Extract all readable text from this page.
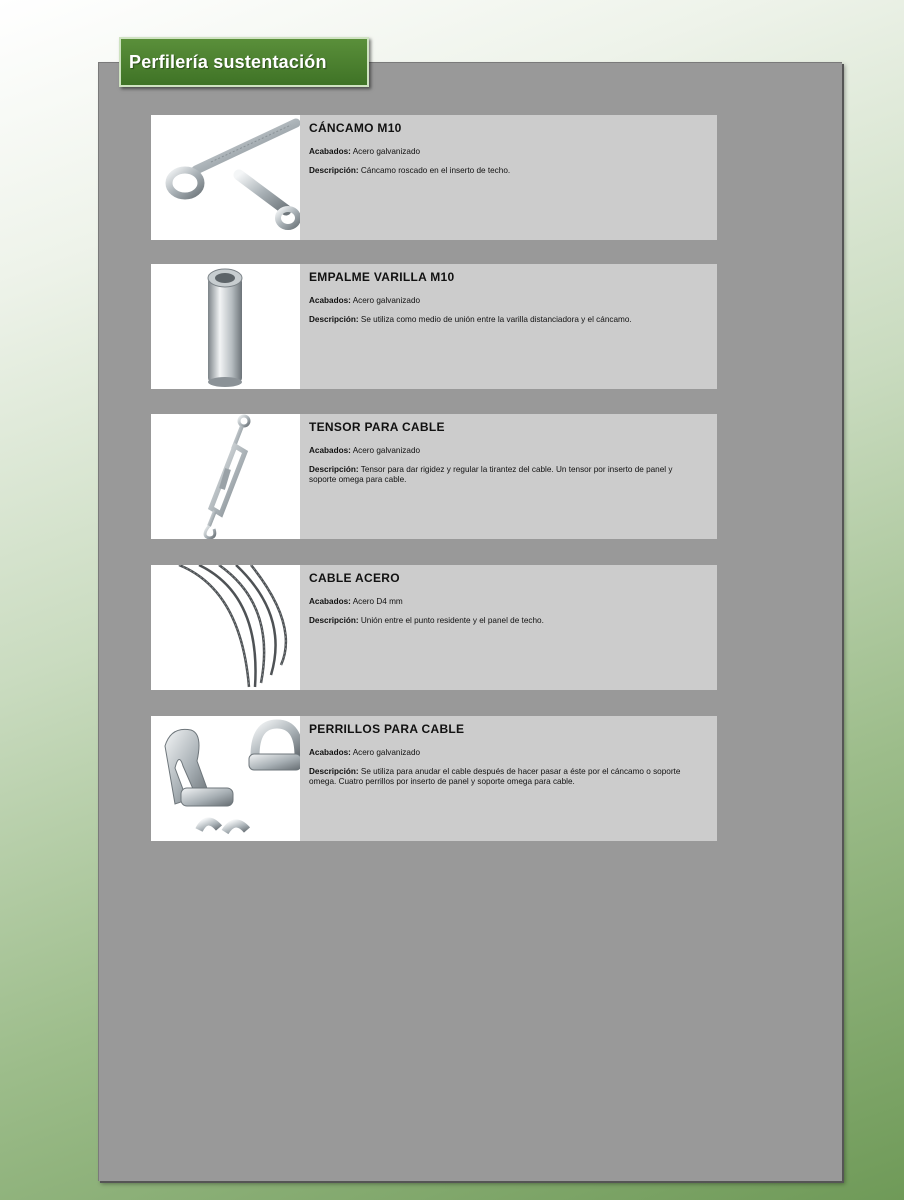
Perfilería sustentación
CÁNCAMO M10

Acabados: Acero galvanizado

Descripción: Cáncamo roscado en el inserto de techo.

EMPALME VARILLA M10

Acabados: Acero galvanizado

Descripción: Se utiliza como medio de unión entre la varilla distanciadora y el cáncamo.

TENSOR PARA CABLE

Acabados: Acero galvanizado

Descripción: Tensor para dar rigidez y regular la tirantez del cable. Un tensor por inserto de panel y soporte omega para cable.

CABLE ACERO

Acabados: Acero D4 mm

Descripción: Unión entre el punto residente y el panel de techo.

PERRILLOS PARA CABLE

Acabados: Acero galvanizado

Descripción: Se utiliza para anudar el cable después de hacer pasar a éste por el cáncamo o soporte omega. Cuatro perrillos por inserto de panel y soporte omega para cable.
